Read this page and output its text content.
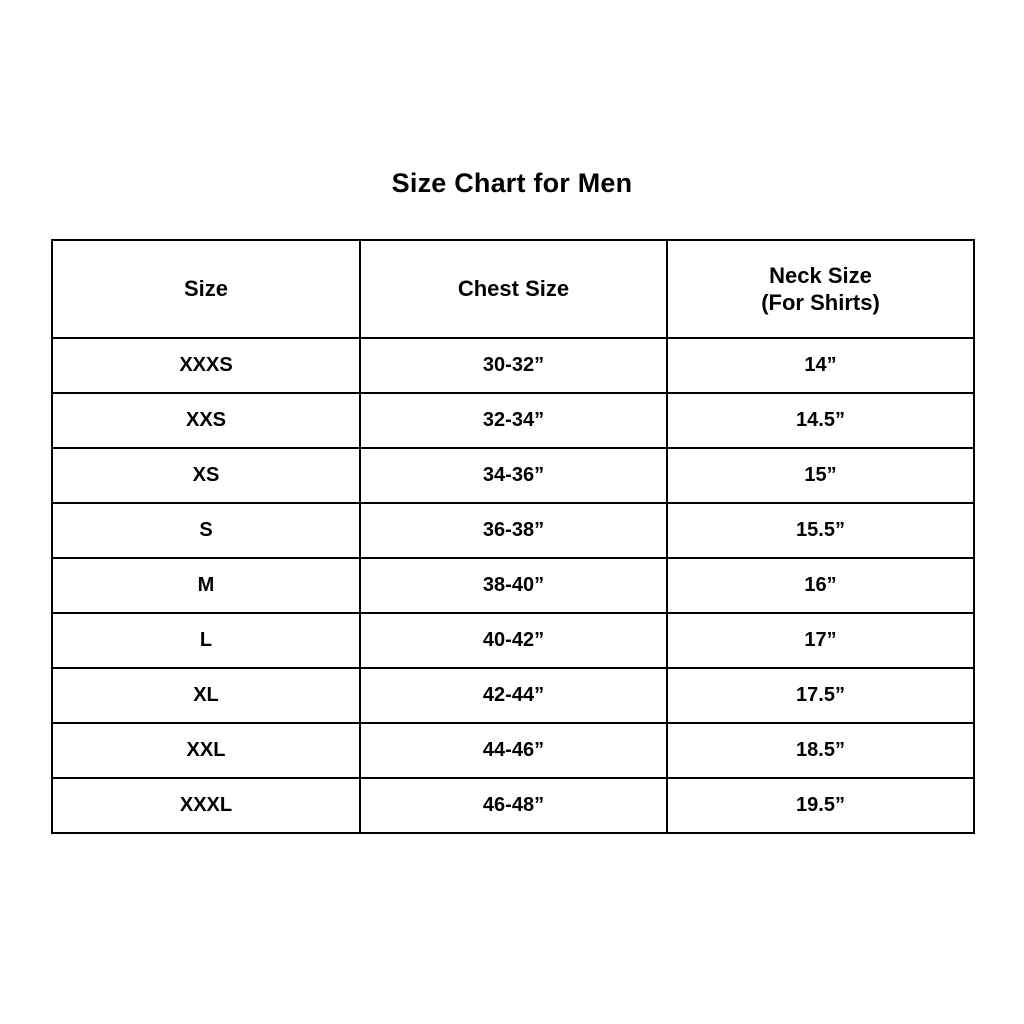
Size Chart for Men
Size	Chest Size	Neck Size
(For Shirts)

XXXS	30-32”	14”
XXS	32-34”	14.5”
XS	34-36”	15”
S	36-38”	15.5”
M	38-40”	16”
L	40-42”	17”
XL	42-44”	17.5”
XXL	44-46”	18.5”
XXXL	46-48”	19.5”
